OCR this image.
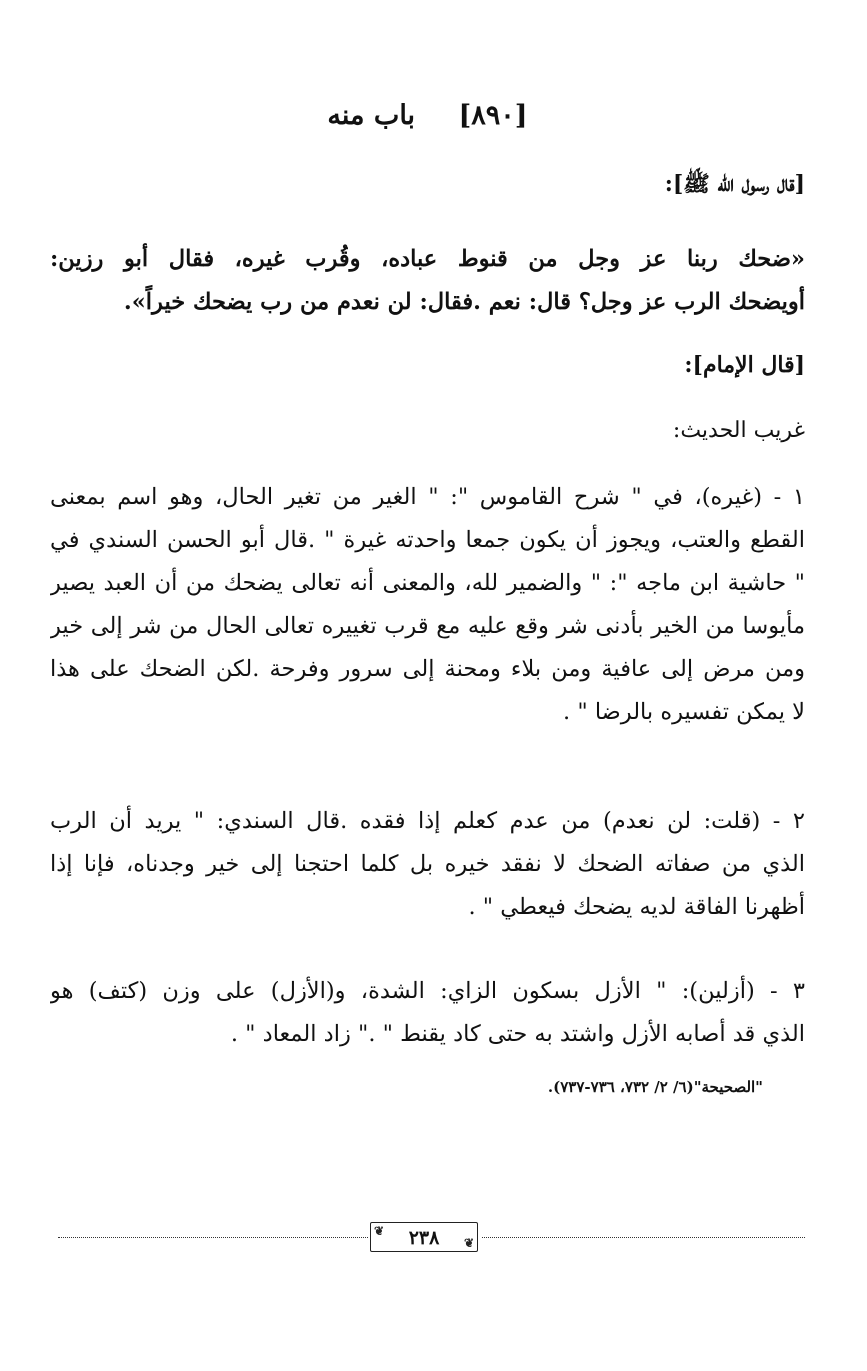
[٨٩٠] باب منه
[قال رسول الله ﷺ]:
«ضحك ربنا عز وجل من قنوط عباده، وقُرب غيره، فقال أبو رزين:
أويضحك الرب عز وجل؟ قال: نعم .فقال: لن نعدم من رب يضحك خيراً».
[قال الإمام]:
غريب الحديث:
١ - (غيره)، في " شرح القاموس ": " الغير من تغير الحال، وهو اسم بمعنى
القطع والعتب، ويجوز أن يكون جمعا واحدته غيرة " .قال أبو الحسن السندي في
" حاشية ابن ماجه ": " والضمير لله، والمعنى أنه تعالى يضحك من أن العبد يصير
مأيوسا من الخير بأدنى شر وقع عليه مع قرب تغييره تعالى الحال من شر إلى خير
ومن مرض إلى عافية ومن بلاء ومحنة إلى سرور وفرحة .لكن الضحك على هذا
لا يمكن تفسيره بالرضا " .
٢ - (قلت: لن نعدم) من عدم كعلم إذا فقده .قال السندي: " يريد أن الرب
الذي من صفاته الضحك لا نفقد خيره بل كلما احتجنا إلى خير وجدناه، فإنا إذا
أظهرنا الفاقة لديه يضحك فيعطي " .
٣ - (أزلين): " الأزل بسكون الزاي: الشدة، و(الأزل) على وزن (كتف) هو
الذي قد أصابه الأزل واشتد به حتى كاد يقنط " ." زاد المعاد " .
"الصحيحة"(٦/ ٢/ ٧٣٢، ٧٣٦-٧٣٧).
❦
❦
٢٣٨
